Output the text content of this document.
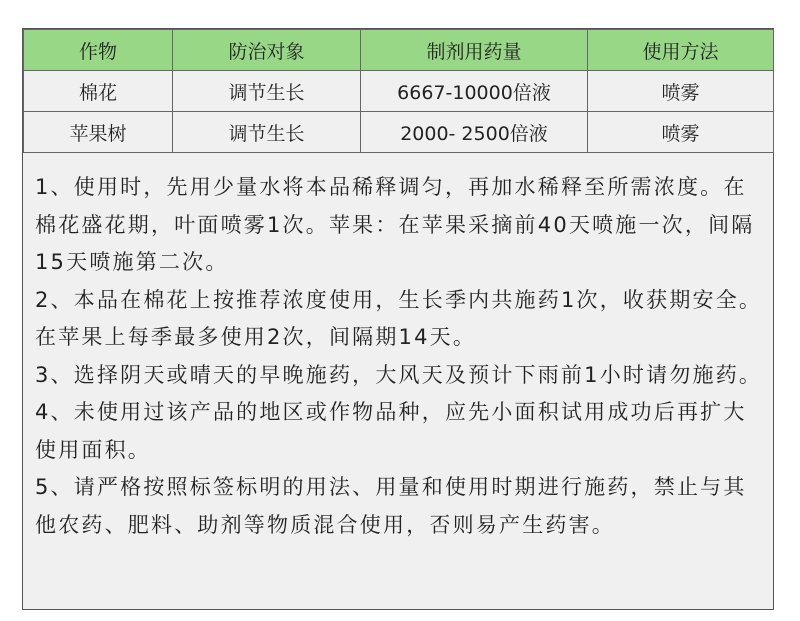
作物	防治对象	制剂用药量	使用方法
棉花	调节生长	6667-10000倍液	喷雾
苹果树	调节生长	2000- 2500倍液	喷雾

1、使用时，先用少量水将本品稀释调匀，再加水稀释至所需浓度。在棉花盛花期，叶面喷雾1次。苹果：在苹果采摘前40天喷施一次，间隔15天喷施第二次。

2、本品在棉花上按推荐浓度使用，生长季内共施药1次，收获期安全。在苹果上每季最多使用2次，间隔期14天。

3、选择阴天或晴天的早晚施药，大风天及预计下雨前1小时请勿施药。

4、未使用过该产品的地区或作物品种，应先小面积试用成功后再扩大使用面积。

5、请严格按照标签标明的用法、用量和使用时期进行施药，禁止与其他农药、肥料、助剂等物质混合使用，否则易产生药害。
